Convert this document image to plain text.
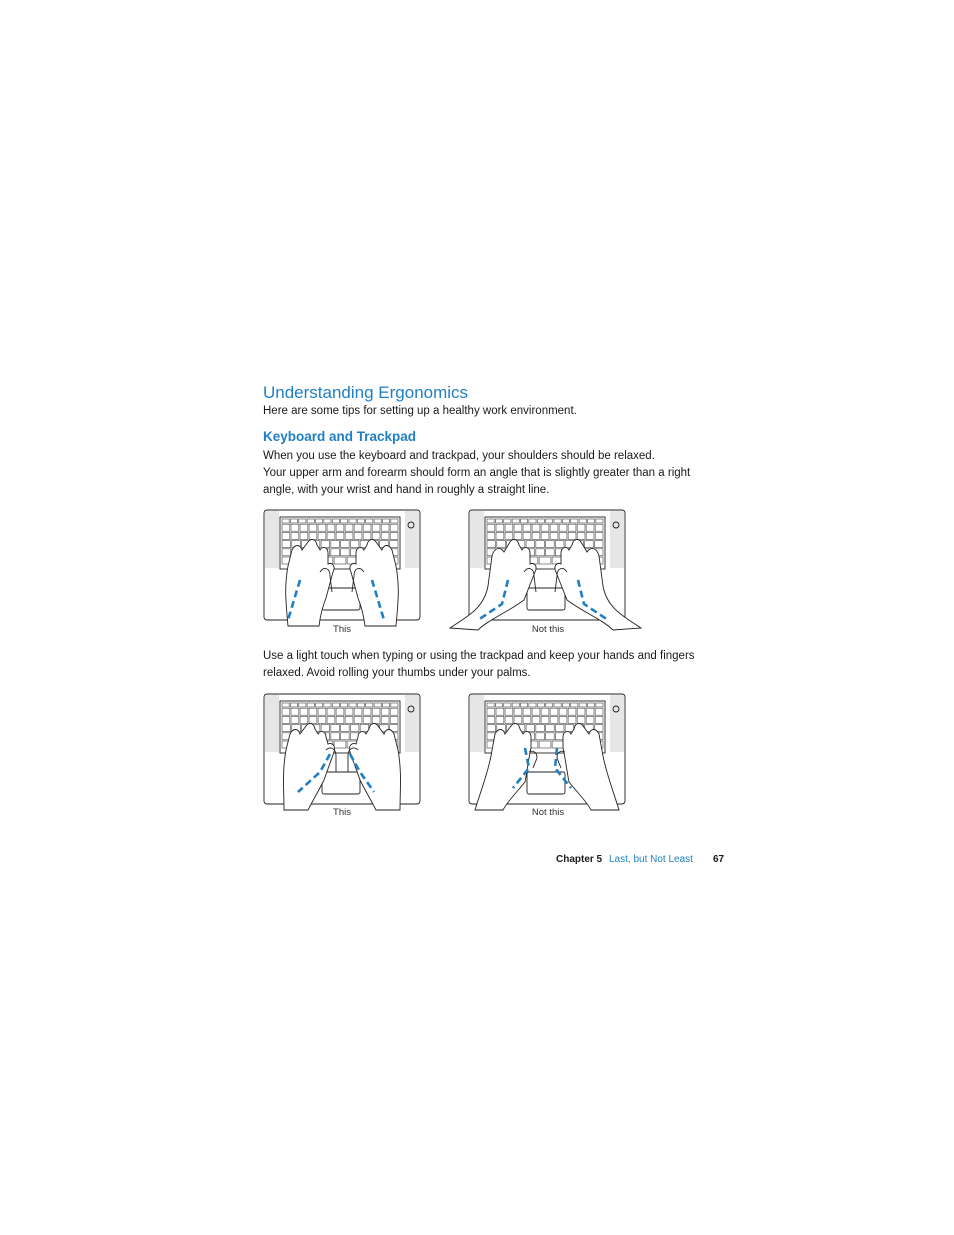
Understanding Ergonomics

Here are some tips for setting up a healthy work environment.

Keyboard and Trackpad

When you use the keyboard and trackpad, your shoulders should be relaxed.
Your upper arm and forearm should form an angle that is slightly greater than a right
angle, with your wrist and hand in roughly a straight line.

This	Not this

Use a light touch when typing or using the trackpad and keep your hands and fingers
relaxed. Avoid rolling your thumbs under your palms.

This	Not this
Chapter 5 Last, but Not Least 67
